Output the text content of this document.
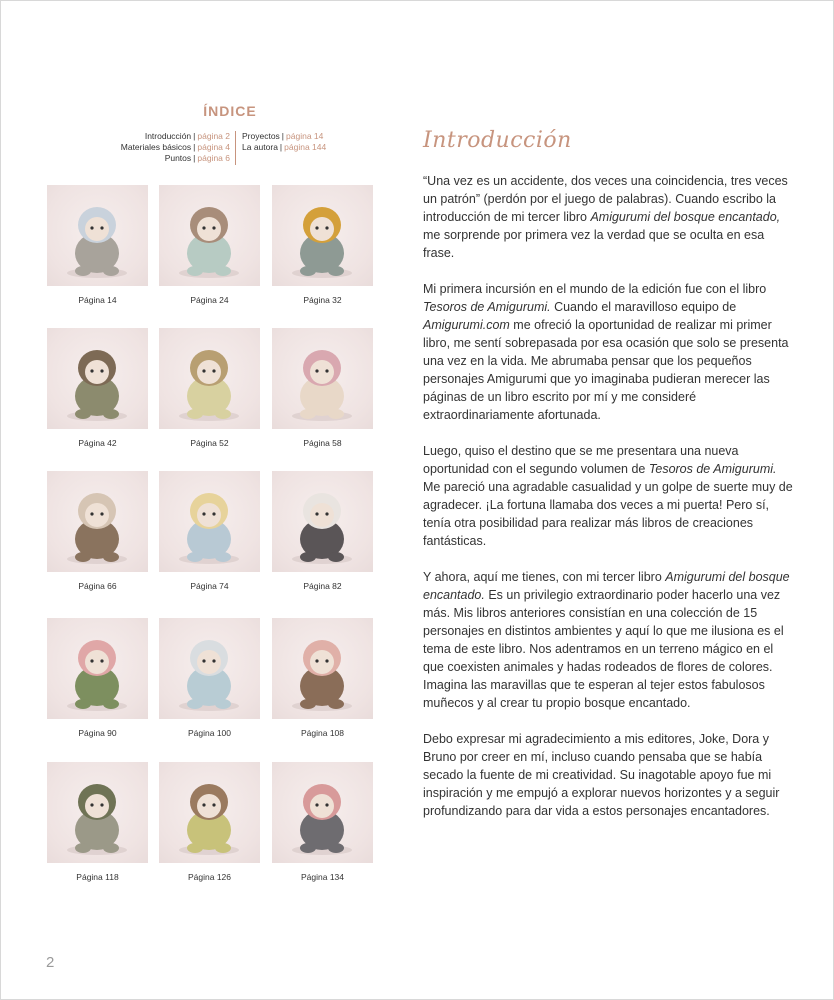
ÍNDICE
Introducción | página 2
Materiales básicos | página 4
Puntos | página 6
Proyectos | página 14
La autora | página 144
Página 14	Página 24	Página 32
Página 42	Página 52	Página 58
Página 66	Página 74	Página 82
Página 90	Página 100	Página 108
Página 118	Página 126	Página 134
Introducción

“Una vez es un accidente, dos veces una coincidencia, tres veces un patrón” (perdón por el juego de palabras). Cuando escribo la introducción de mi tercer libro Amigurumi del bosque encantado, me sorprende por primera vez la verdad que se oculta en esa frase.

Mi primera incursión en el mundo de la edición fue con el libro Tesoros de Amigurumi. Cuando el maravilloso equipo de Amigurumi.com me ofreció la oportunidad de realizar mi primer libro, me sentí sobrepasada por esa ocasión que solo se presenta una vez en la vida. Me abrumaba pensar que los pequeños personajes Amigurumi que yo imaginaba pudieran merecer las páginas de un libro escrito por mí y me consideré extraordinariamente afortunada.

Luego, quiso el destino que se me presentara una nueva oportunidad con el segundo volumen de Tesoros de Amigurumi. Me pareció una agradable casualidad y un golpe de suerte muy de agradecer. ¡La fortuna llamaba dos veces a mi puerta! Pero sí, tenía otra posibilidad para realizar más libros de creaciones fantásticas.

Y ahora, aquí me tienes, con mi tercer libro Amigurumi del bosque encantado. Es un privilegio extraordinario poder hacerlo una vez más. Mis libros anteriores consistían en una colección de 15 personajes en distintos ambientes y aquí lo que me ilusiona es el tema de este libro. Nos adentramos en un terreno mágico en el que coexisten animales y hadas rodeados de flores de colores. Imagina las maravillas que te esperan al tejer estos fabulosos muñecos y al crear tu propio bosque encantado.

Debo expresar mi agradecimiento a mis editores, Joke, Dora y Bruno por creer en mí, incluso cuando pensaba que se había secado la fuente de mi creatividad. Su inagotable apoyo fue mi inspiración y me empujó a explorar nuevos horizontes y a seguir profundizando para dar vida a estos personajes encantadores.

2
